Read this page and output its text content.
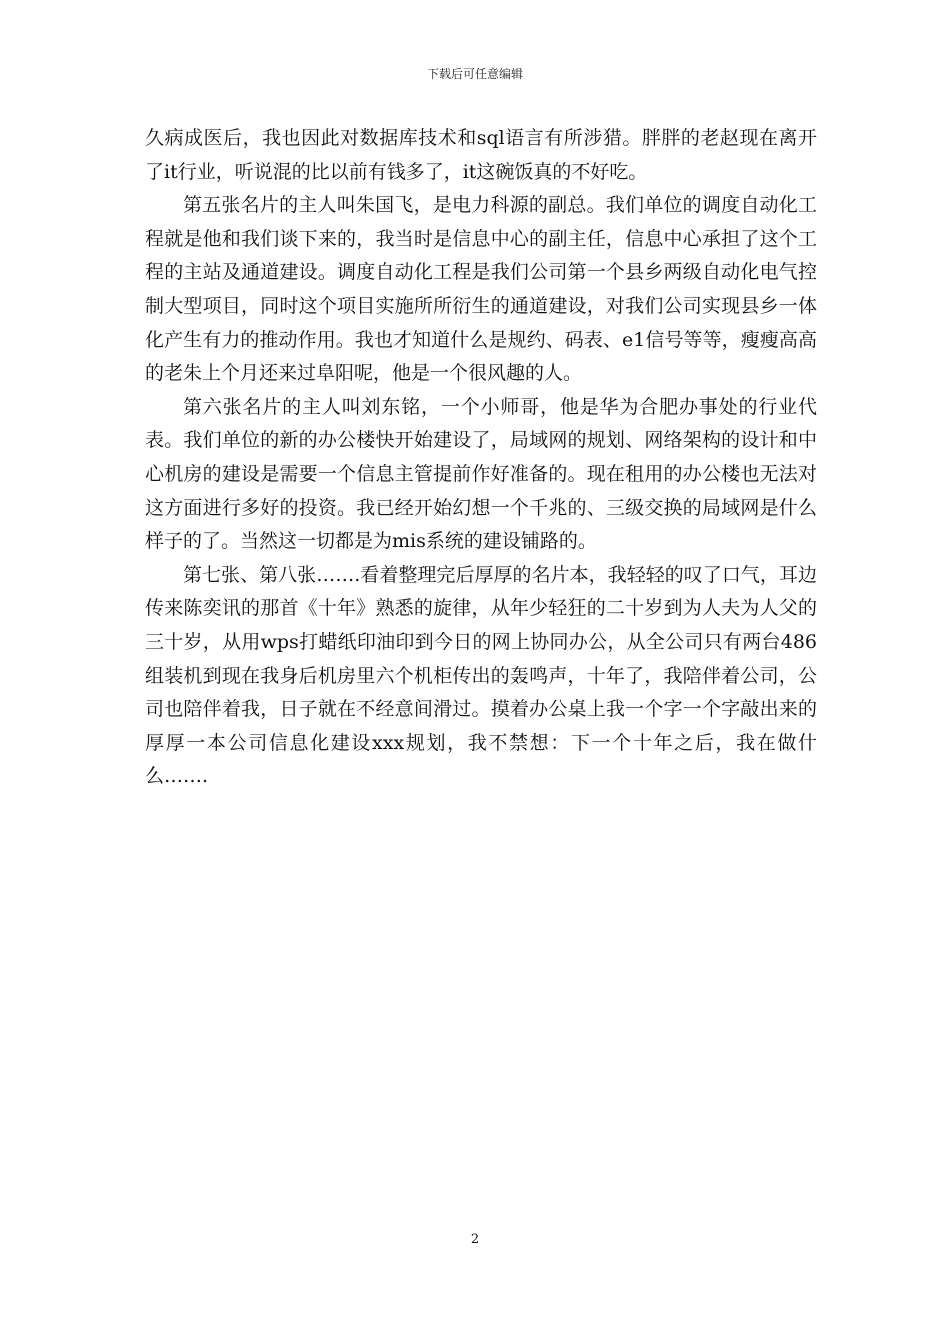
下载后可任意编辑

久病成医后，我也因此对数据库技术和sql语言有所涉猎。胖胖的老赵现在离开了it行业，听说混的比以前有钱多了，it这碗饭真的不好吃。

第五张名片的主人叫朱国飞，是电力科源的副总。我们单位的调度自动化工程就是他和我们谈下来的，我当时是信息中心的副主任，信息中心承担了这个工程的主站及通道建设。调度自动化工程是我们公司第一个县乡两级自动化电气控制大型项目，同时这个项目实施所所衍生的通道建设，对我们公司实现县乡一体化产生有力的推动作用。我也才知道什么是规约、码表、e1信号等等，瘦瘦高高的老朱上个月还来过阜阳呢，他是一个很风趣的人。

第六张名片的主人叫刘东铭，一个小师哥，他是华为合肥办事处的行业代表。我们单位的新的办公楼快开始建设了，局域网的规划、网络架构的设计和中心机房的建设是需要一个信息主管提前作好准备的。现在租用的办公楼也无法对这方面进行多好的投资。我已经开始幻想一个千兆的、三级交换的局域网是什么样子的了。当然这一切都是为mis系统的建设铺路的。

第七张、第八张…….看着整理完后厚厚的名片本，我轻轻的叹了口气，耳边传来陈奕讯的那首《十年》熟悉的旋律，从年少轻狂的二十岁到为人夫为人父的三十岁，从用wps打蜡纸印油印到今日的网上协同办公，从全公司只有两台486组装机到现在我身后机房里六个机柜传出的轰鸣声，十年了，我陪伴着公司，公司也陪伴着我，日子就在不经意间滑过。摸着办公桌上我一个字一个字敲出来的厚厚一本公司信息化建设xxx规划，我不禁想：下一个十年之后，我在做什么…….

2
